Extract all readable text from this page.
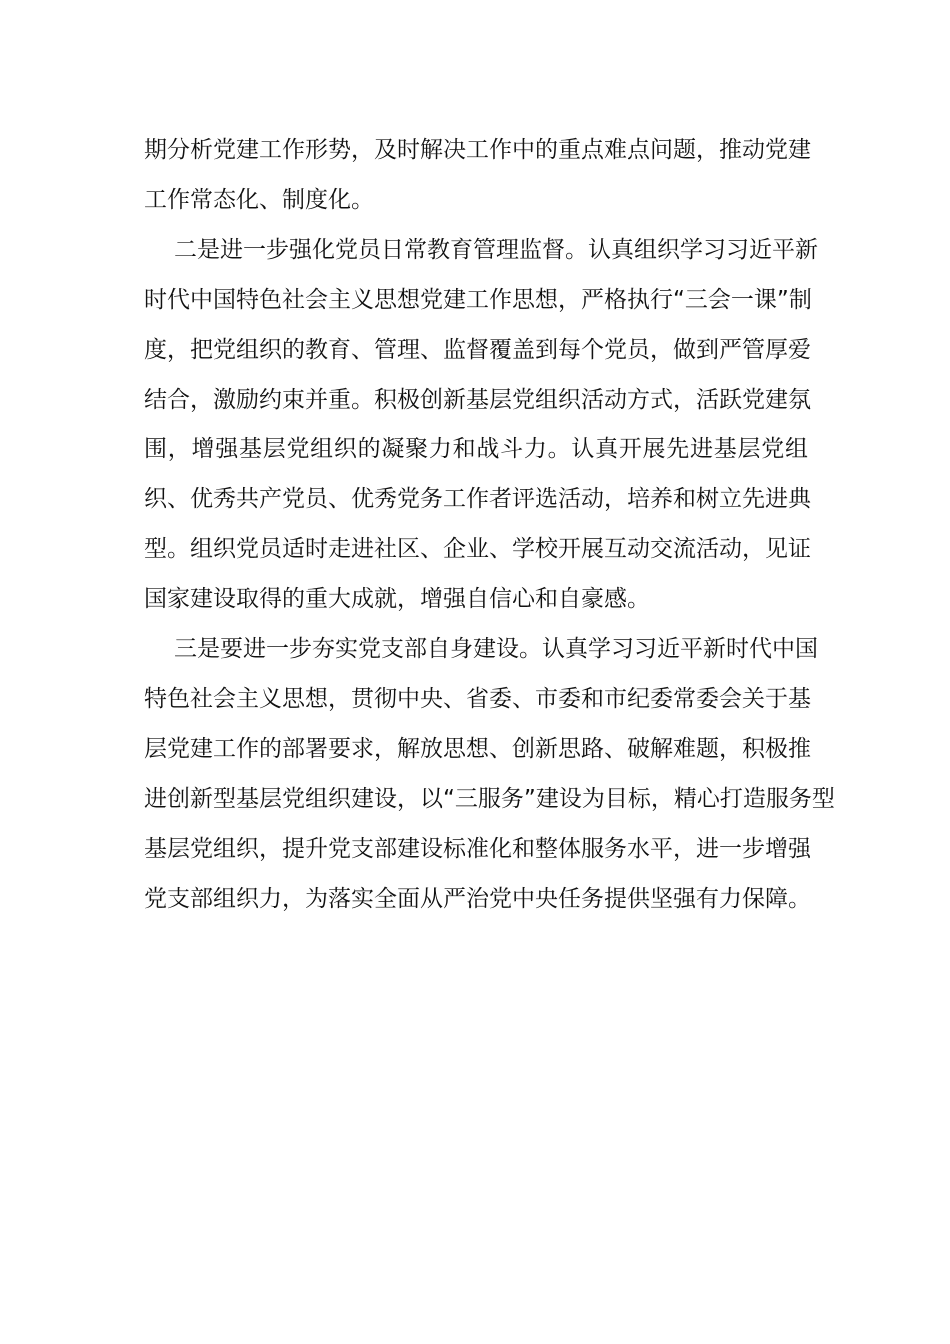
期分析党建工作形势，及时解决工作中的重点难点问题，推动党建
工作常态化、制度化。
二是进一步强化党员日常教育管理监督。认真组织学习习近平新
时代中国特色社会主义思想党建工作思想，严格执行“三会一课”制
度，把党组织的教育、管理、监督覆盖到每个党员，做到严管厚爱
结合，激励约束并重。积极创新基层党组织活动方式，活跃党建氛
围，增强基层党组织的凝聚力和战斗力。认真开展先进基层党组
织、优秀共产党员、优秀党务工作者评选活动，培养和树立先进典
型。组织党员适时走进社区、企业、学校开展互动交流活动，见证
国家建设取得的重大成就，增强自信心和自豪感。
三是要进一步夯实党支部自身建设。认真学习习近平新时代中国
特色社会主义思想，贯彻中央、省委、市委和市纪委常委会关于基
层党建工作的部署要求，解放思想、创新思路、破解难题，积极推
进创新型基层党组织建设，以“三服务”建设为目标，精心打造服务型
基层党组织，提升党支部建设标准化和整体服务水平，进一步增强
党支部组织力，为落实全面从严治党中央任务提供坚强有力保障。
